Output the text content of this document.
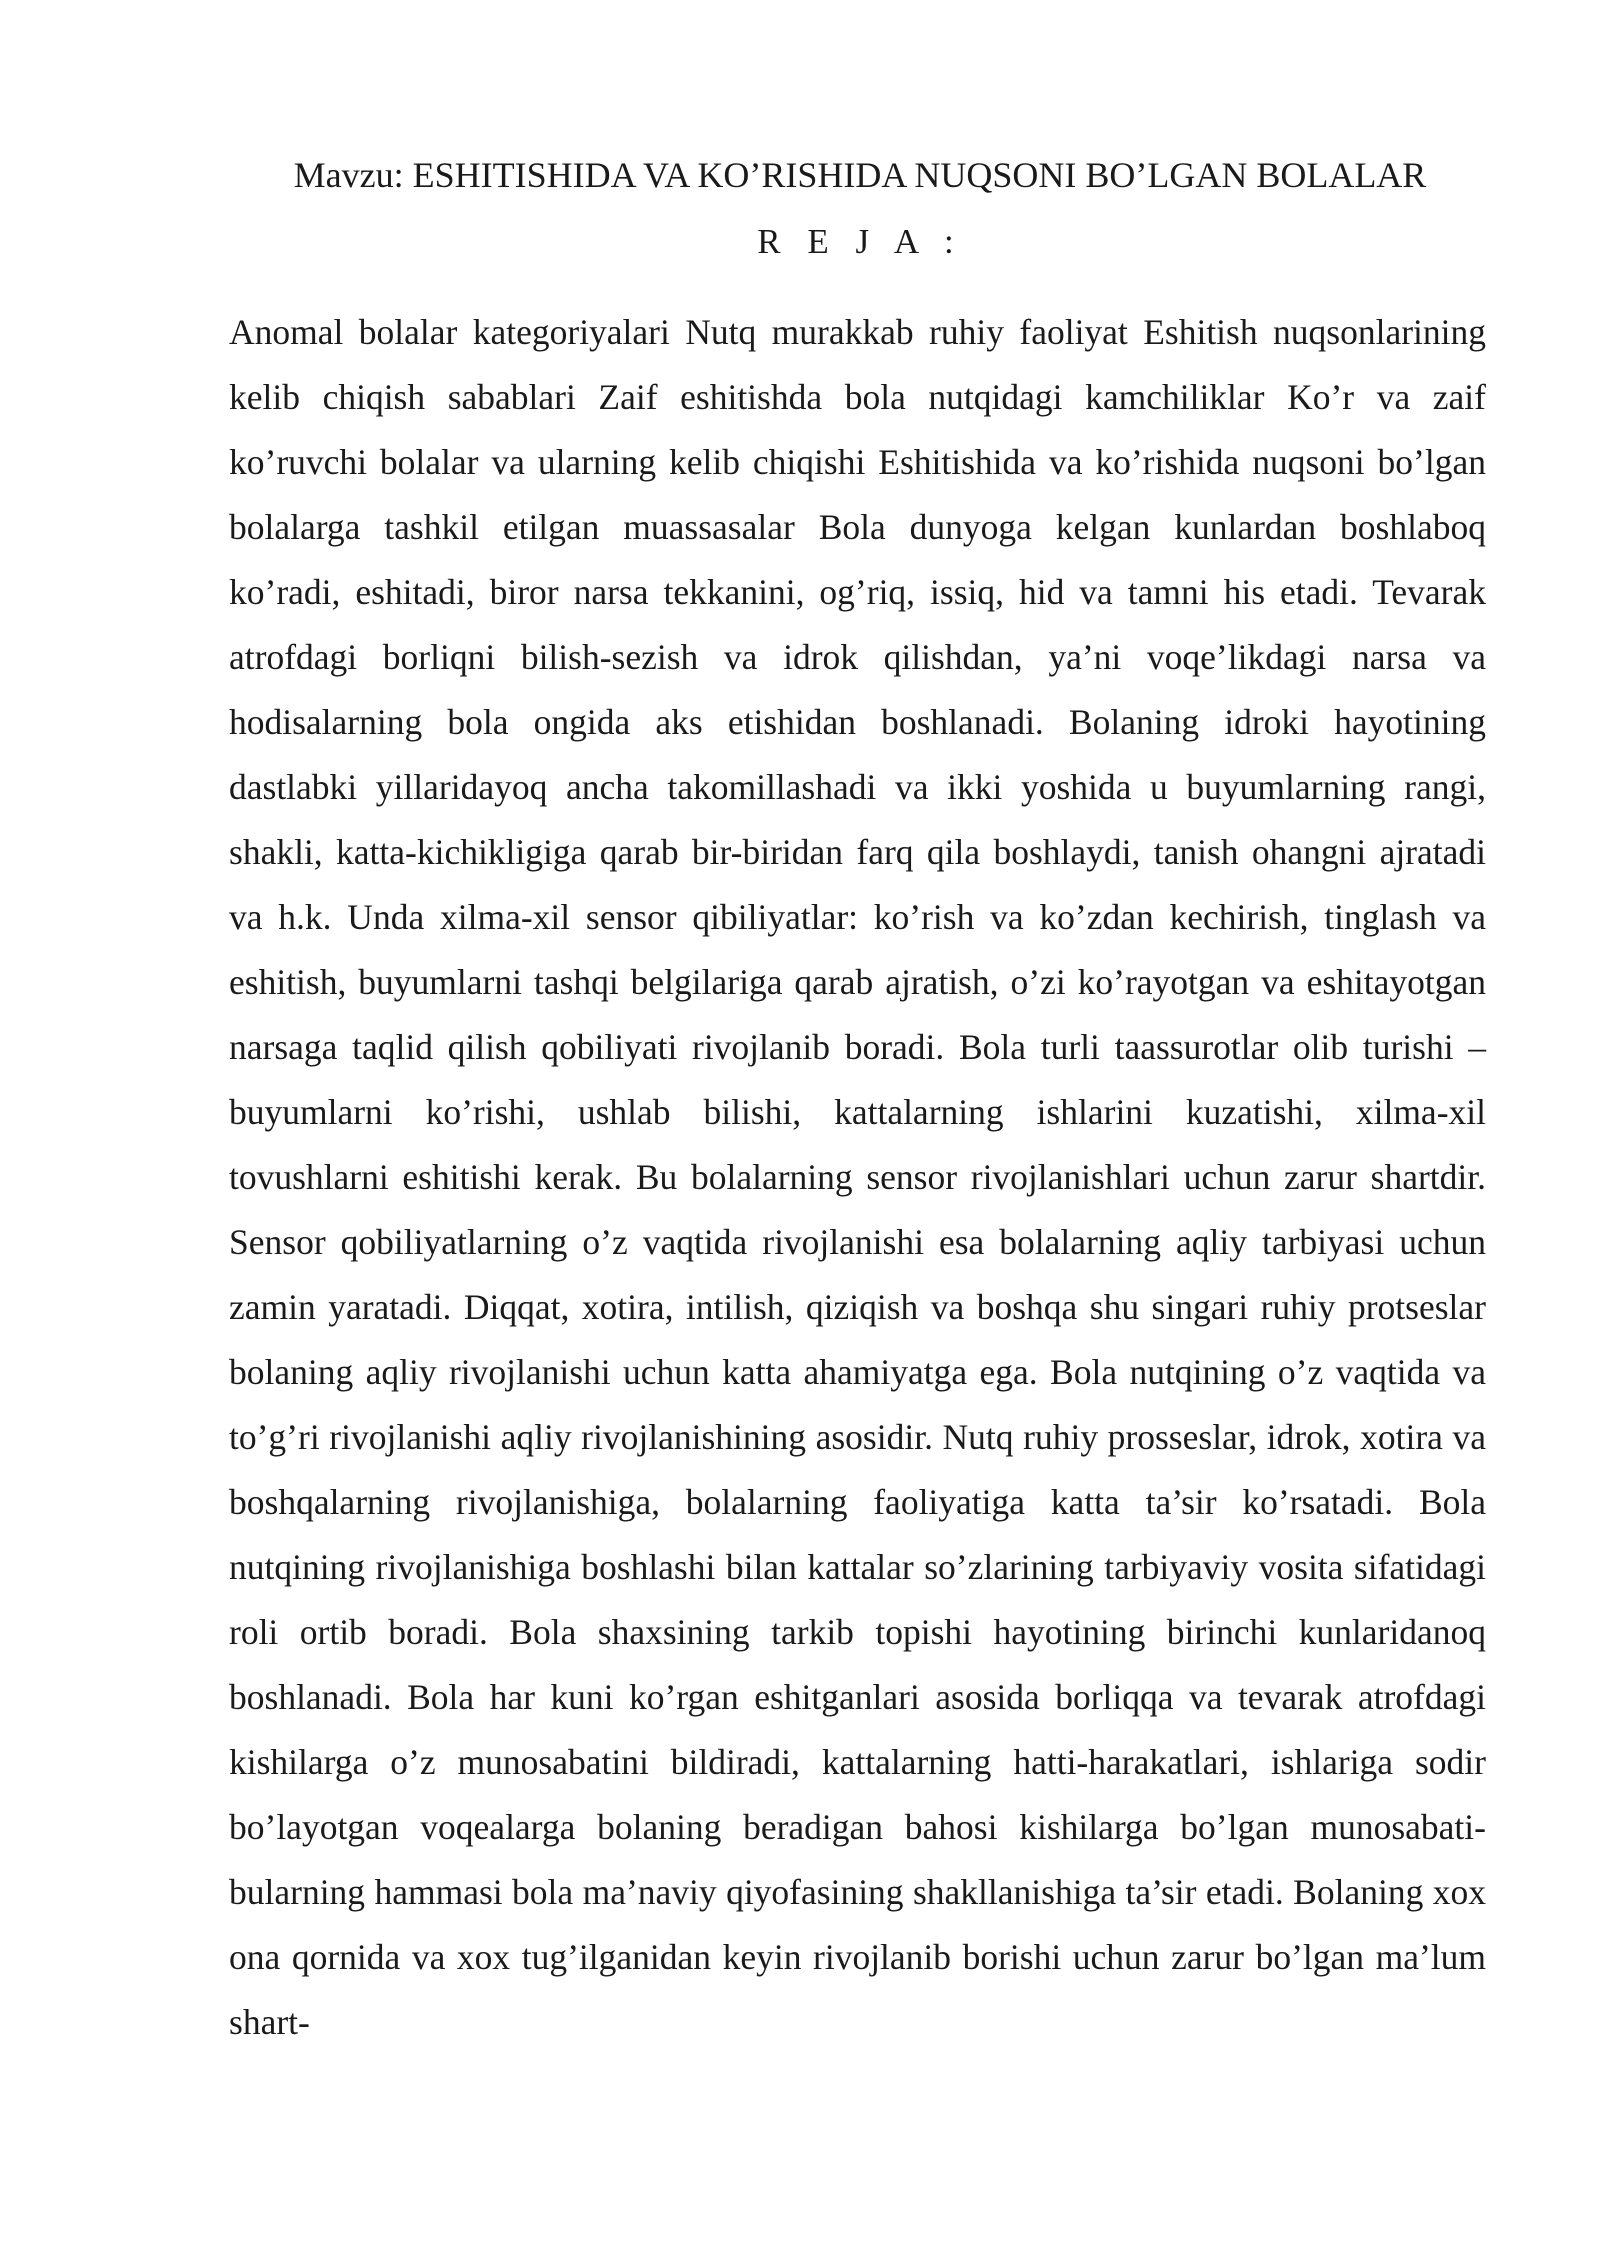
Mavzu: ESHITISHIDA VA KO’RISHIDA NUQSONI BO’LGAN BOLALAR
R E J A :

Anomal bolalar kategoriyalari Nutq murakkab ruhiy faoliyat Eshitish nuqsonlarining kelib chiqish sabablari Zaif eshitishda bola nutqidagi kamchiliklar Ko’r va zaif ko’ruvchi bolalar va ularning kelib chiqishi Eshitishida va ko’rishida nuqsoni bo’lgan bolalarga tashkil etilgan muassasalar Bola dunyoga kelgan kunlardan boshlaboq ko’radi, eshitadi, biror narsa tekkanini, og’riq, issiq, hid va tamni his etadi. Tevarak atrofdagi borliqni bilish-sezish va idrok qilishdan, ya’ni voqe’likdagi narsa va hodisalarning bola ongida aks etishidan boshlanadi. Bolaning idroki hayotining dastlabki yillaridayoq ancha takomillashadi va ikki yoshida u buyumlarning rangi, shakli, katta-kichikligiga qarab bir-biridan farq qila boshlaydi, tanish ohangni ajratadi va h.k. Unda xilma-xil sensor qibiliyatlar: ko’rish va ko’zdan kechirish, tinglash va eshitish, buyumlarni tashqi belgilariga qarab ajratish, o’zi ko’rayotgan va eshitayotgan narsaga taqlid qilish qobiliyati rivojlanib boradi. Bola turli taassurotlar olib turishi –buyumlarni ko’rishi, ushlab bilishi, kattalarning ishlarini kuzatishi, xilma-xil tovushlarni eshitishi kerak. Bu bolalarning sensor rivojlanishlari uchun zarur shartdir. Sensor qobiliyatlarning o’z vaqtida rivojlanishi esa bolalarning aqliy tarbiyasi uchun zamin yaratadi. Diqqat, xotira, intilish, qiziqish va boshqa shu singari ruhiy protseslar bolaning aqliy rivojlanishi uchun katta ahamiyatga ega. Bola nutqining o’z vaqtida va to’g’ri rivojlanishi aqliy rivojlanishining asosidir. Nutq ruhiy prosseslar, idrok, xotira va boshqalarning rivojlanishiga, bolalarning faoliyatiga katta ta’sir ko’rsatadi. Bola nutqining rivojlanishiga boshlashi bilan kattalar so’zlarining tarbiyaviy vosita sifatidagi roli ortib boradi. Bola shaxsining tarkib topishi hayotining birinchi kunlaridanoq boshlanadi. Bola har kuni ko’rgan eshitganlari asosida borliqqa va tevarak atrofdagi kishilarga o’z munosabatini bildiradi, kattalarning hatti-harakatlari, ishlariga sodir bo’layotgan voqealarga bolaning beradigan bahosi kishilarga bo’lgan munosabati-bularning hammasi bola ma’naviy qiyofasining shakllanishiga ta’sir etadi. Bolaning xox ona qornida va xox tug’ilganidan keyin rivojlanib borishi uchun zarur bo’lgan ma’lum shart-
